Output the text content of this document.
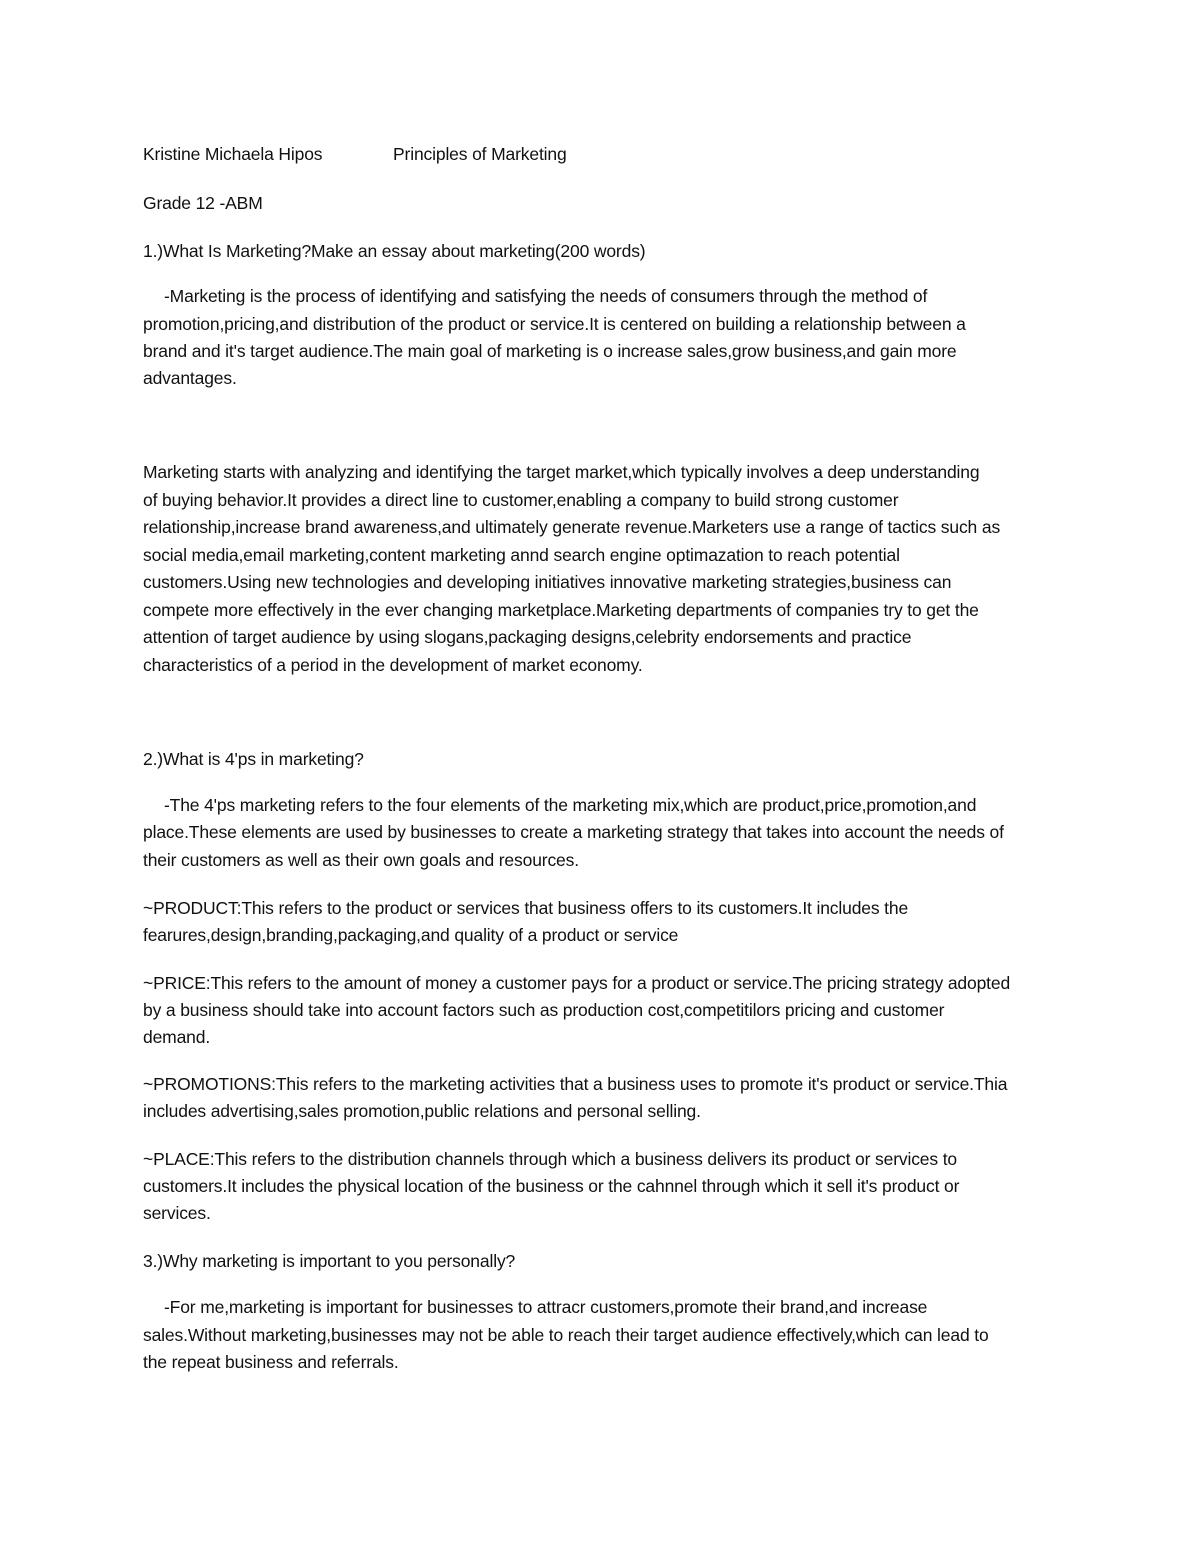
Kristine Michaela Hipos	Principles of Marketing
Grade 12 -ABM
1.)What Is Marketing?Make an essay about marketing(200 words)
-Marketing is the process of identifying and satisfying the needs of consumers through the method of
promotion,pricing,and distribution of the product or service.It is centered on building a relationship between a
brand and it's target audience.The main goal of marketing is o increase sales,grow business,and gain more
advantages.
Marketing starts with analyzing and identifying the target market,which typically involves a deep understanding
of buying behavior.It provides a direct line to customer,enabling a company to build strong customer
relationship,increase brand awareness,and ultimately generate revenue.Marketers use a range of tactics such as
social media,email marketing,content marketing annd search engine optimazation to reach potential
customers.Using new technologies and developing initiatives innovative marketing strategies,business can
compete more effectively in the ever changing marketplace.Marketing departments of companies try to get the
attention of target audience by using slogans,packaging designs,celebrity endorsements and practice
characteristics of a period in the development of market economy.
2.)What is 4'ps in marketing?
-The 4'ps marketing refers to the four elements of the marketing mix,which are product,price,promotion,and
place.These elements are used by businesses to create a marketing strategy that takes into account the needs of
their customers as well as their own goals and resources.
~PRODUCT:This refers to the product or services that business offers to its customers.It includes the
fearures,design,branding,packaging,and quality of a product or service
~PRICE:This refers to the amount of money a customer pays for a product or service.The pricing strategy adopted
by a business should take into account factors such as production cost,competitilors pricing and customer
demand.
~PROMOTIONS:This refers to the marketing activities that a business uses to promote it's product or service.Thia
includes advertising,sales promotion,public relations and personal selling.
~PLACE:This refers to the distribution channels through which a business delivers its product or services to
customers.It includes the physical location of the business or the cahnnel through which it sell it's product or
services.
3.)Why marketing is important to you personally?
-For me,marketing is important for businesses to attracr customers,promote their brand,and increase
sales.Without marketing,businesses may not be able to reach their target audience effectively,which can lead to
the repeat business and referrals.
